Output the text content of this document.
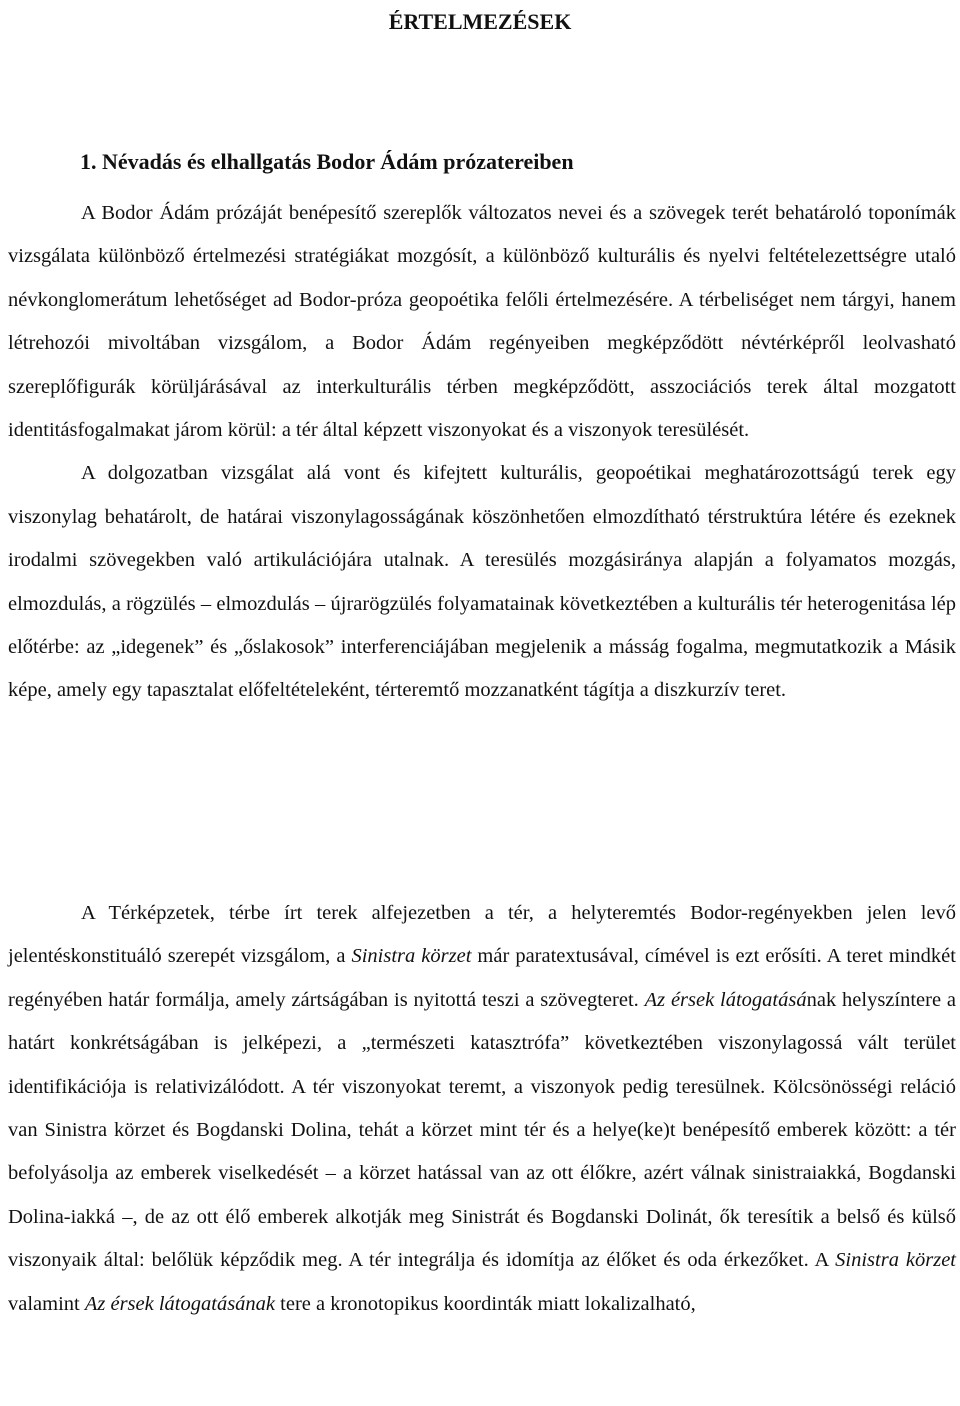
ÉRTELMEZÉSEK
1. Névadás és elhallgatás Bodor Ádám prózatereiben

A Bodor Ádám prózáját benépesítő szereplők változatos nevei és a szövegek terét behatároló toponímák vizsgálata különböző értelmezési stratégiákat mozgósít, a különböző kulturális és nyelvi feltételezettségre utaló névkonglomerátum lehetőséget ad Bodor-próza geopoétika felőli értelmezésére. A térbeliséget nem tárgyi, hanem létrehozói mivoltában vizsgálom, a Bodor Ádám regényeiben megképződött névtérképről leolvasható szereplőfigurák körüljárásával az interkulturális térben megképződött, asszociációs terek által mozgatott identitásfogalmakat járom körül: a tér által képzett viszonyokat és a viszonyok teresülését.

A dolgozatban vizsgálat alá vont és kifejtett kulturális, geopoétikai meghatározottságú terek egy viszonylag behatárolt, de határai viszonylagosságának köszönhetően elmozdítható térstruktúra létére és ezeknek irodalmi szövegekben való artikulációjára utalnak. A teresülés mozgásiránya alapján a folyamatos mozgás, elmozdulás, a rögzülés – elmozdulás – újrarögzülés folyamatainak következtében a kulturális tér heterogenitása lép előtérbe: az „idegenek” és „őslakosok” interferenciájában megjelenik a másság fogalma, megmutatkozik a Másik képe, amely egy tapasztalat előfeltételeként, térteremtő mozzanatként tágítja a diszkurzív teret.

A Térképzetek, térbe írt terek alfejezetben a tér, a helyteremtés Bodor-regényekben jelen levő jelentéskonstituáló szerepét vizsgálom, a Sinistra körzet már paratextusával, címével is ezt erősíti. A teret mindkét regényében határ formálja, amely zártságában is nyitottá teszi a szövegteret. Az érsek látogatásának helyszíntere a határt konkrétságában is jelképezi, a „természeti katasztrófa” következtében viszonylagossá vált terület identifikációja is relativizálódott. A tér viszonyokat teremt, a viszonyok pedig teresülnek. Kölcsönösségi reláció van Sinistra körzet és Bogdanski Dolina, tehát a körzet mint tér és a helye(ke)t benépesítő emberek között: a tér befolyásolja az emberek viselkedését – a körzet hatással van az ott élőkre, azért válnak sinistraiakká, Bogdanski Dolina-iakká –, de az ott élő emberek alkotják meg Sinistrát és Bogdanski Dolinát, ők teresítik a belső és külső viszonyaik által: belőlük képződik meg. A tér integrálja és idomítja az élőket és oda érkezőket. A Sinistra körzet valamint Az érsek látogatásának tere a kronotopikus koordinták miatt lokalizalható,
